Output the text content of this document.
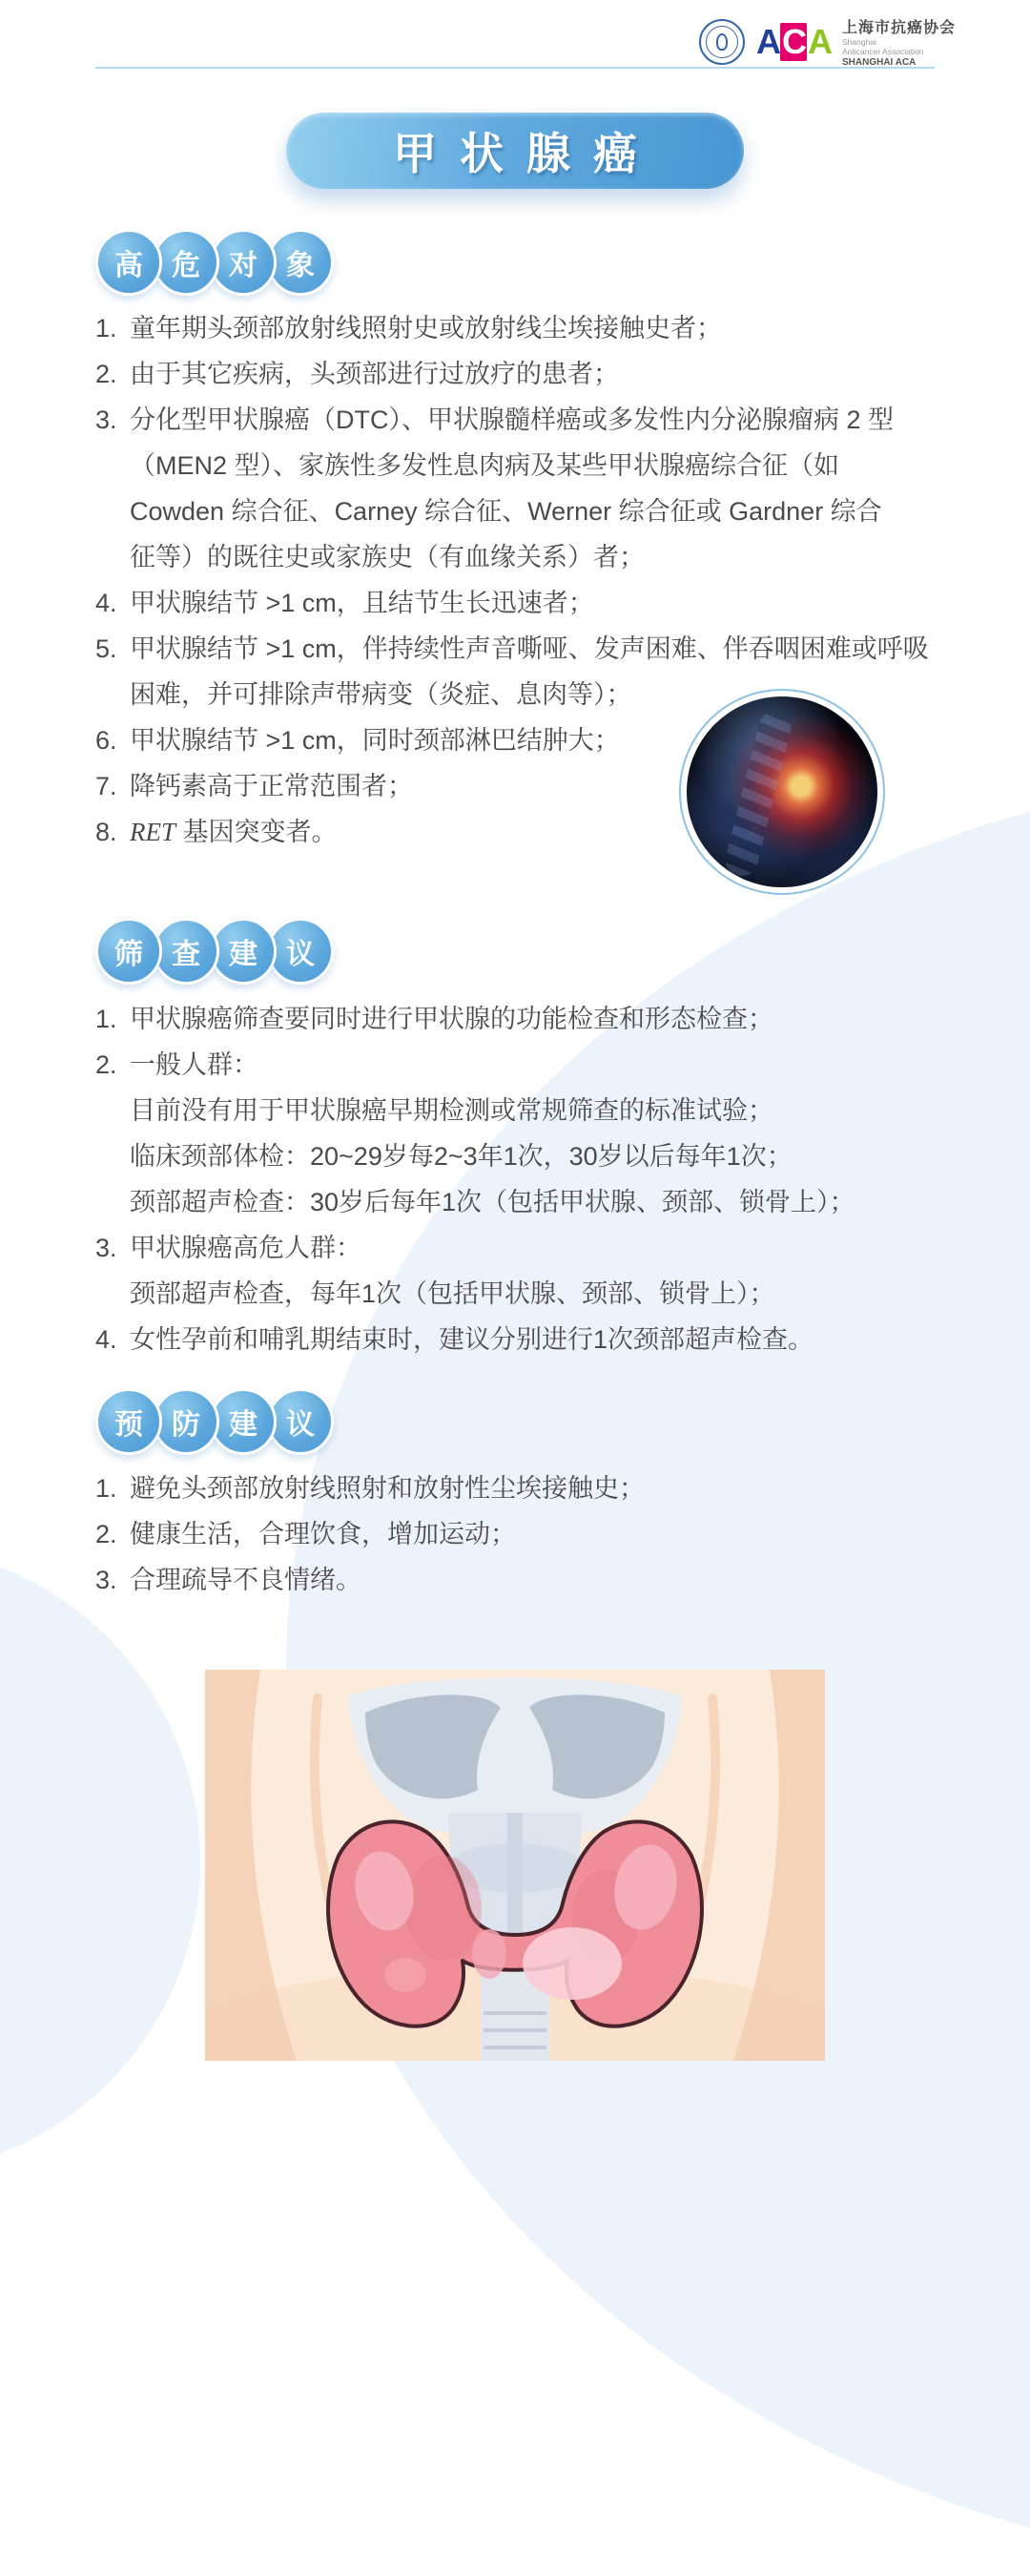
A C A 上海市抗癌协会
Shanghai
Anticancer Association
SHANGHAI ACA
甲状腺癌
高	危	对	象
1. 童年期头颈部放射线照射史或放射线尘埃接触史者；
2. 由于其它疾病，头颈部进行过放疗的患者；
3. 分化型甲状腺癌（DTC）、甲状腺髓样癌或多发性内分泌腺瘤病 2 型
（MEN2 型）、家族性多发性息肉病及某些甲状腺癌综合征（如
Cowden 综合征、Carney 综合征、Werner 综合征或 Gardner 综合
征等）的既往史或家族史（有血缘关系）者；
4. 甲状腺结节 >1 cm，且结节生长迅速者；
5. 甲状腺结节 >1 cm，伴持续性声音嘶哑、发声困难、伴吞咽困难或呼吸
困难，并可排除声带病变（炎症、息肉等）；
6. 甲状腺结节 >1 cm，同时颈部淋巴结肿大；
7. 降钙素高于正常范围者；
8. RET 基因突变者。
筛	查	建	议
1. 甲状腺癌筛查要同时进行甲状腺的功能检查和形态检查；
2. 一般人群：
目前没有用于甲状腺癌早期检测或常规筛查的标准试验；
临床颈部体检：20~29岁每2~3年1次，30岁以后每年1次；
颈部超声检查：30岁后每年1次（包括甲状腺、颈部、锁骨上）；
3. 甲状腺癌高危人群：
颈部超声检查，每年1次（包括甲状腺、颈部、锁骨上）；
4. 女性孕前和哺乳期结束时，建议分别进行1次颈部超声检查。
预	防	建	议
1. 避免头颈部放射线照射和放射性尘埃接触史；
2. 健康生活，合理饮食，增加运动；
3. 合理疏导不良情绪。
